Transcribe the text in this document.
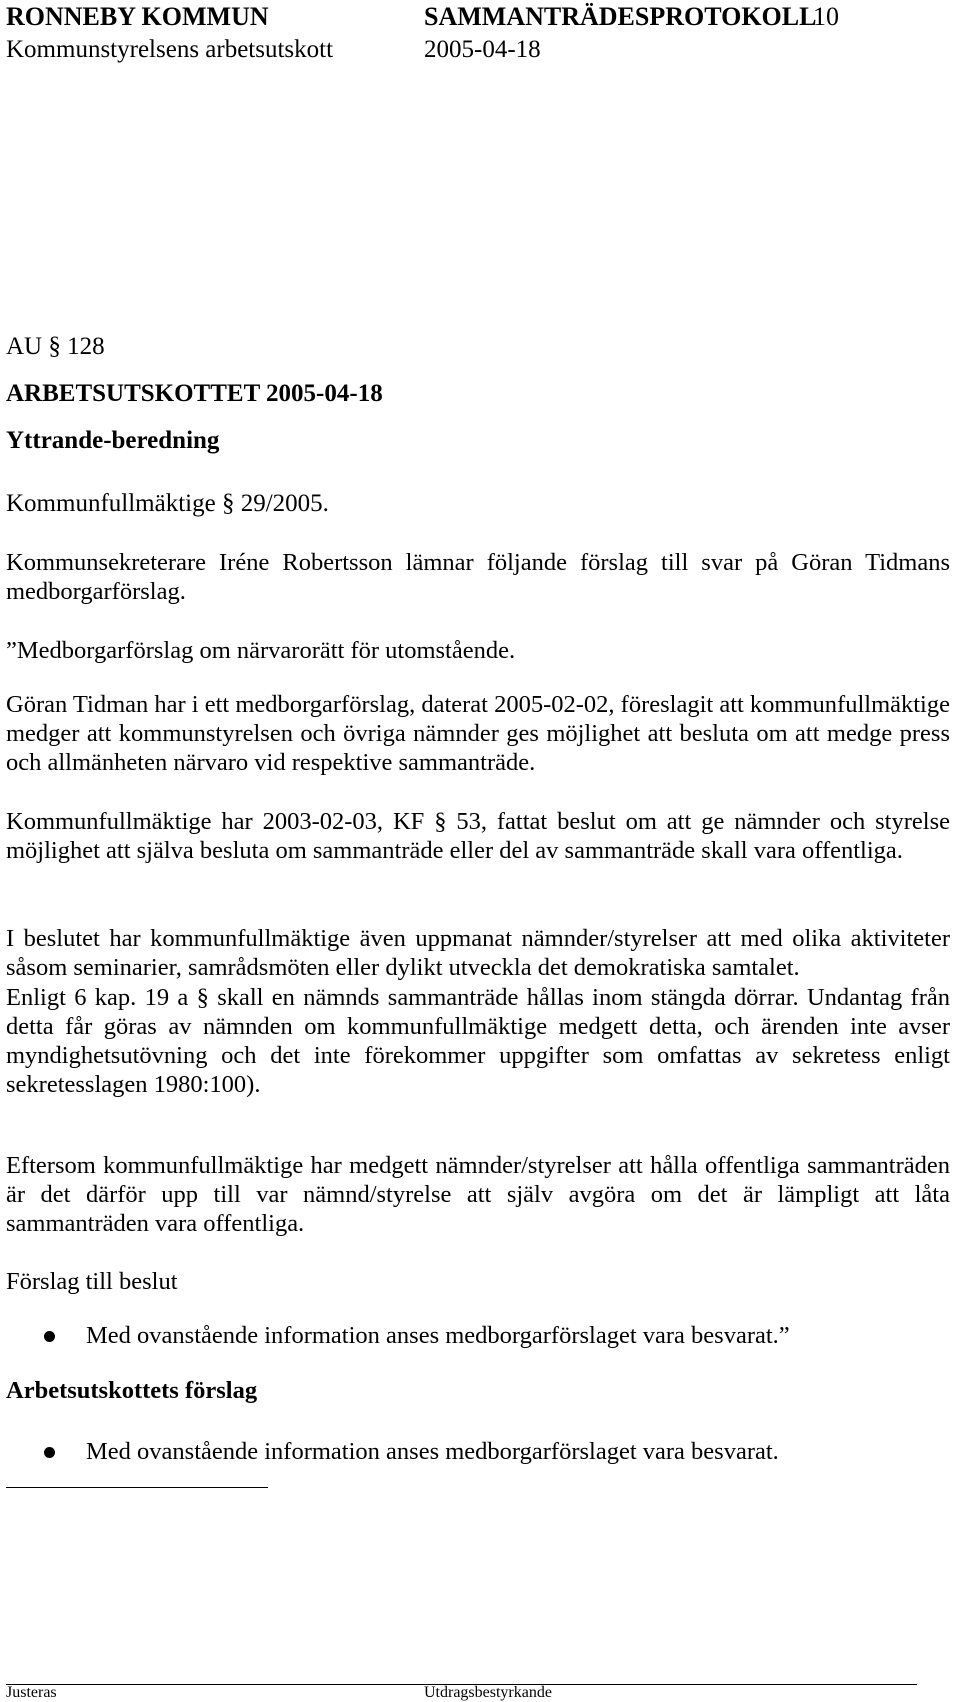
RONNEBY KOMMUN	SAMMANTRÄDESPROTOKOLL
10
Kommunstyrelsens arbetsutskott	2005-04-18
AU § 128
ARBETSUTSKOTTET 2005-04-18
Yttrande-beredning
Kommunfullmäktige § 29/2005.

Kommunsekreterare Iréne Robertsson lämnar följande förslag till svar på Göran Tidmans medborgarförslag.

”Medborgarförslag om närvarorätt för utomstående.

Göran Tidman har i ett medborgarförslag, daterat 2005-02-02, föreslagit att kommunfullmäktige medger att kommunstyrelsen och övriga nämnder ges möjlighet att besluta om att medge press och allmänheten närvaro vid respektive sammanträde.

Kommunfullmäktige har 2003-02-03, KF § 53, fattat beslut om att ge nämnder och styrelse möjlighet att själva besluta om sammanträde eller del av sammanträde skall vara offentliga.

I beslutet har kommunfullmäktige även uppmanat nämnder/styrelser att med olika aktiviteter såsom seminarier, samrådsmöten eller dylikt utveckla det demokratiska samtalet.

Enligt 6 kap. 19 a § skall en nämnds sammanträde hållas inom stängda dörrar. Undantag från detta får göras av nämnden om kommunfullmäktige medgett detta, och ärenden inte avser myndighetsutövning och det inte förekommer uppgifter som omfattas av sekretess enligt sekretesslagen 1980:100).

Eftersom kommunfullmäktige har medgett nämnder/styrelser att hålla offentliga sammanträden är det därför upp till var nämnd/styrelse att själv avgöra om det är lämpligt att låta sammanträden vara offentliga.

Förslag till beslut

Med ovanstående information anses medborgarförslaget vara besvarat.”

Arbetsutskottets förslag

Med ovanstående information anses medborgarförslaget vara besvarat.
Justeras	Utdragsbestyrkande
